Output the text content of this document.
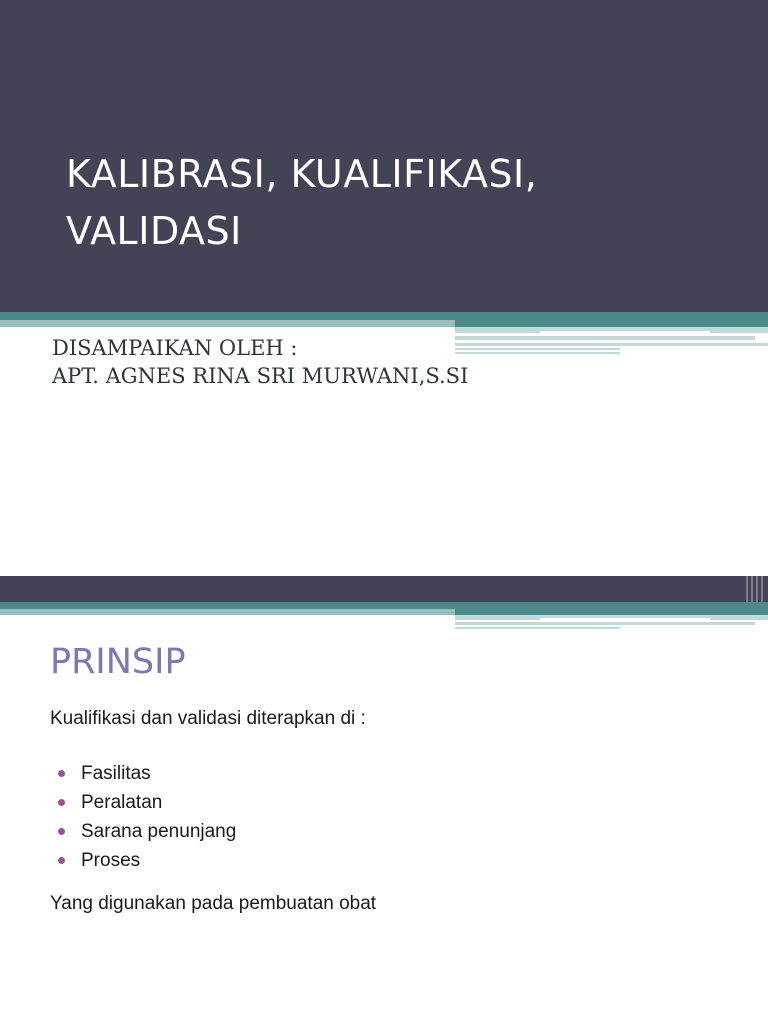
KALIBRASI, KUALIFIKASI,
VALIDASI
DISAMPAIKAN OLEH :
APT. AGNES RINA SRI MURWANI,S.SI
PRINSIP

Kualifikasi dan validasi diterapkan di :

Fasilitas
Peralatan
Sarana penunjang
Proses

Yang digunakan pada pembuatan obat
